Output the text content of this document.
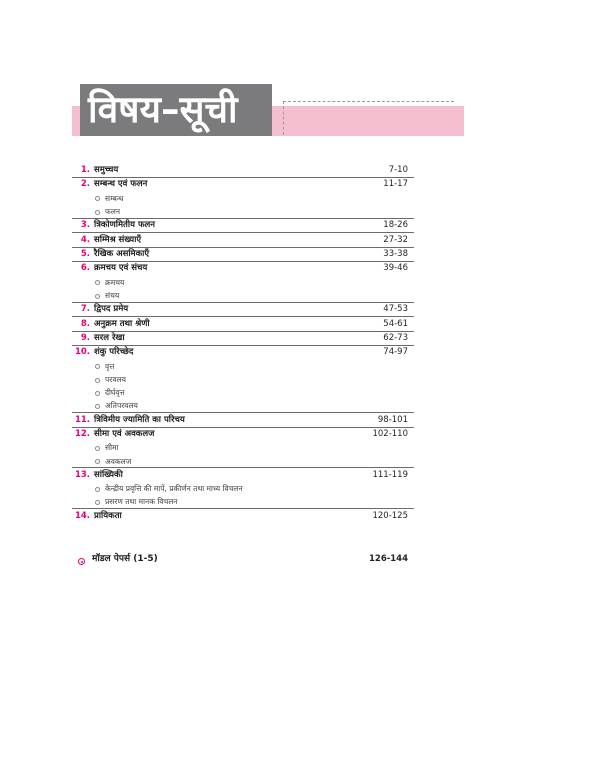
विषय–सूची
1. समुच्चय	7-10
2. सम्बन्ध एवं फलन	11-17
सम्बन्ध
फलन
3. त्रिकोणमितीय फलन	18-26
4. सम्मिश्र संख्याएँ	27-32
5. रैखिक असमिकाएँ	33-38
6. क्रमचय एवं संचय	39-46
क्रमचय
संचय
7. द्विपद प्रमेय	47-53
8. अनुक्रम तथा श्रेणी	54-61
9. सरल रेखा	62-73
10. शंकु परिच्छेद	74-97
वृत्त
परवलय
दीर्घवृत्त
अतिपरवलय
11. त्रिविमीय ज्यामिति का परिचय	98-101
12. सीमा एवं अवकलज	102-110
सीमा
अवकलज
13. सांख्यिकी	111-119
केन्द्रीय प्रवृत्ति की मापें, प्रकीर्णन तथा माध्य विचलन
प्रसरण तथा मानक विचलन
14. प्रायिकता	120-125
मॉडल पेपर्स (1-5)	126-144
